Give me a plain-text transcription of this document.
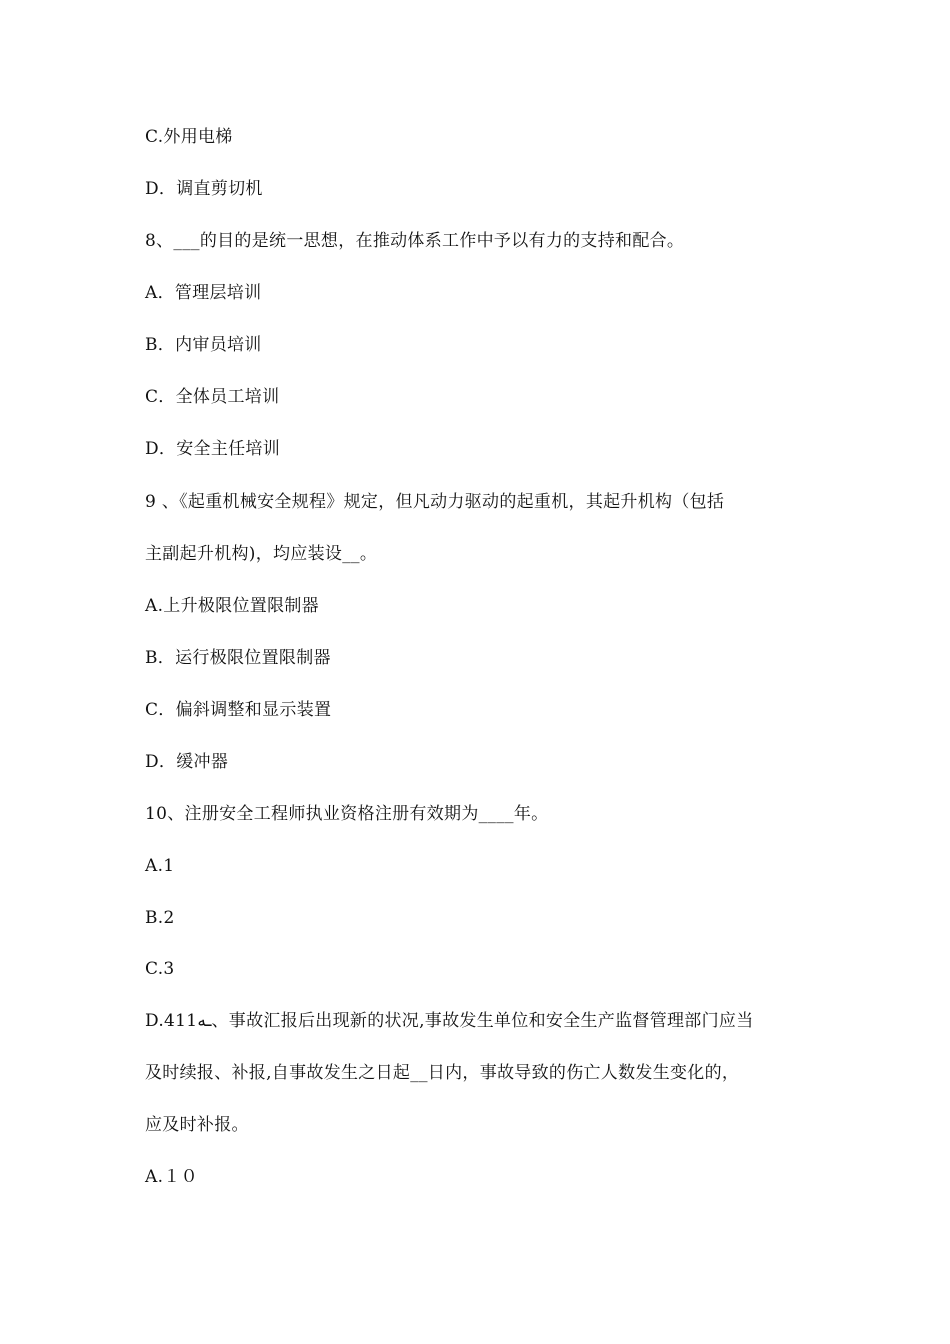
C.外用电梯
D．调直剪切机
8、___的目的是统一思想，在推动体系工作中予以有力的支持和配合。
A．管理层培训
B．内审员培训
C．全体员工培训
D．安全主任培训
9 、《起重机械安全规程》规定，但凡动力驱动的起重机，其起升机构（包括
主副起升机构)，均应装设__。
A.上升极限位置限制器
B．运行极限位置限制器
C．偏斜调整和显示装置
D．缓冲器
10、注册安全工程师执业资格注册有效期为____年。
A.1
B.2
C.3
D.411ـه、事故汇报后出现新的状况,事故发生单位和安全生产监督管理部门应当
及时续报、补报,自事故发生之日起__日内，事故导致的伤亡人数发生变化的，
应及时补报。
A.１０
